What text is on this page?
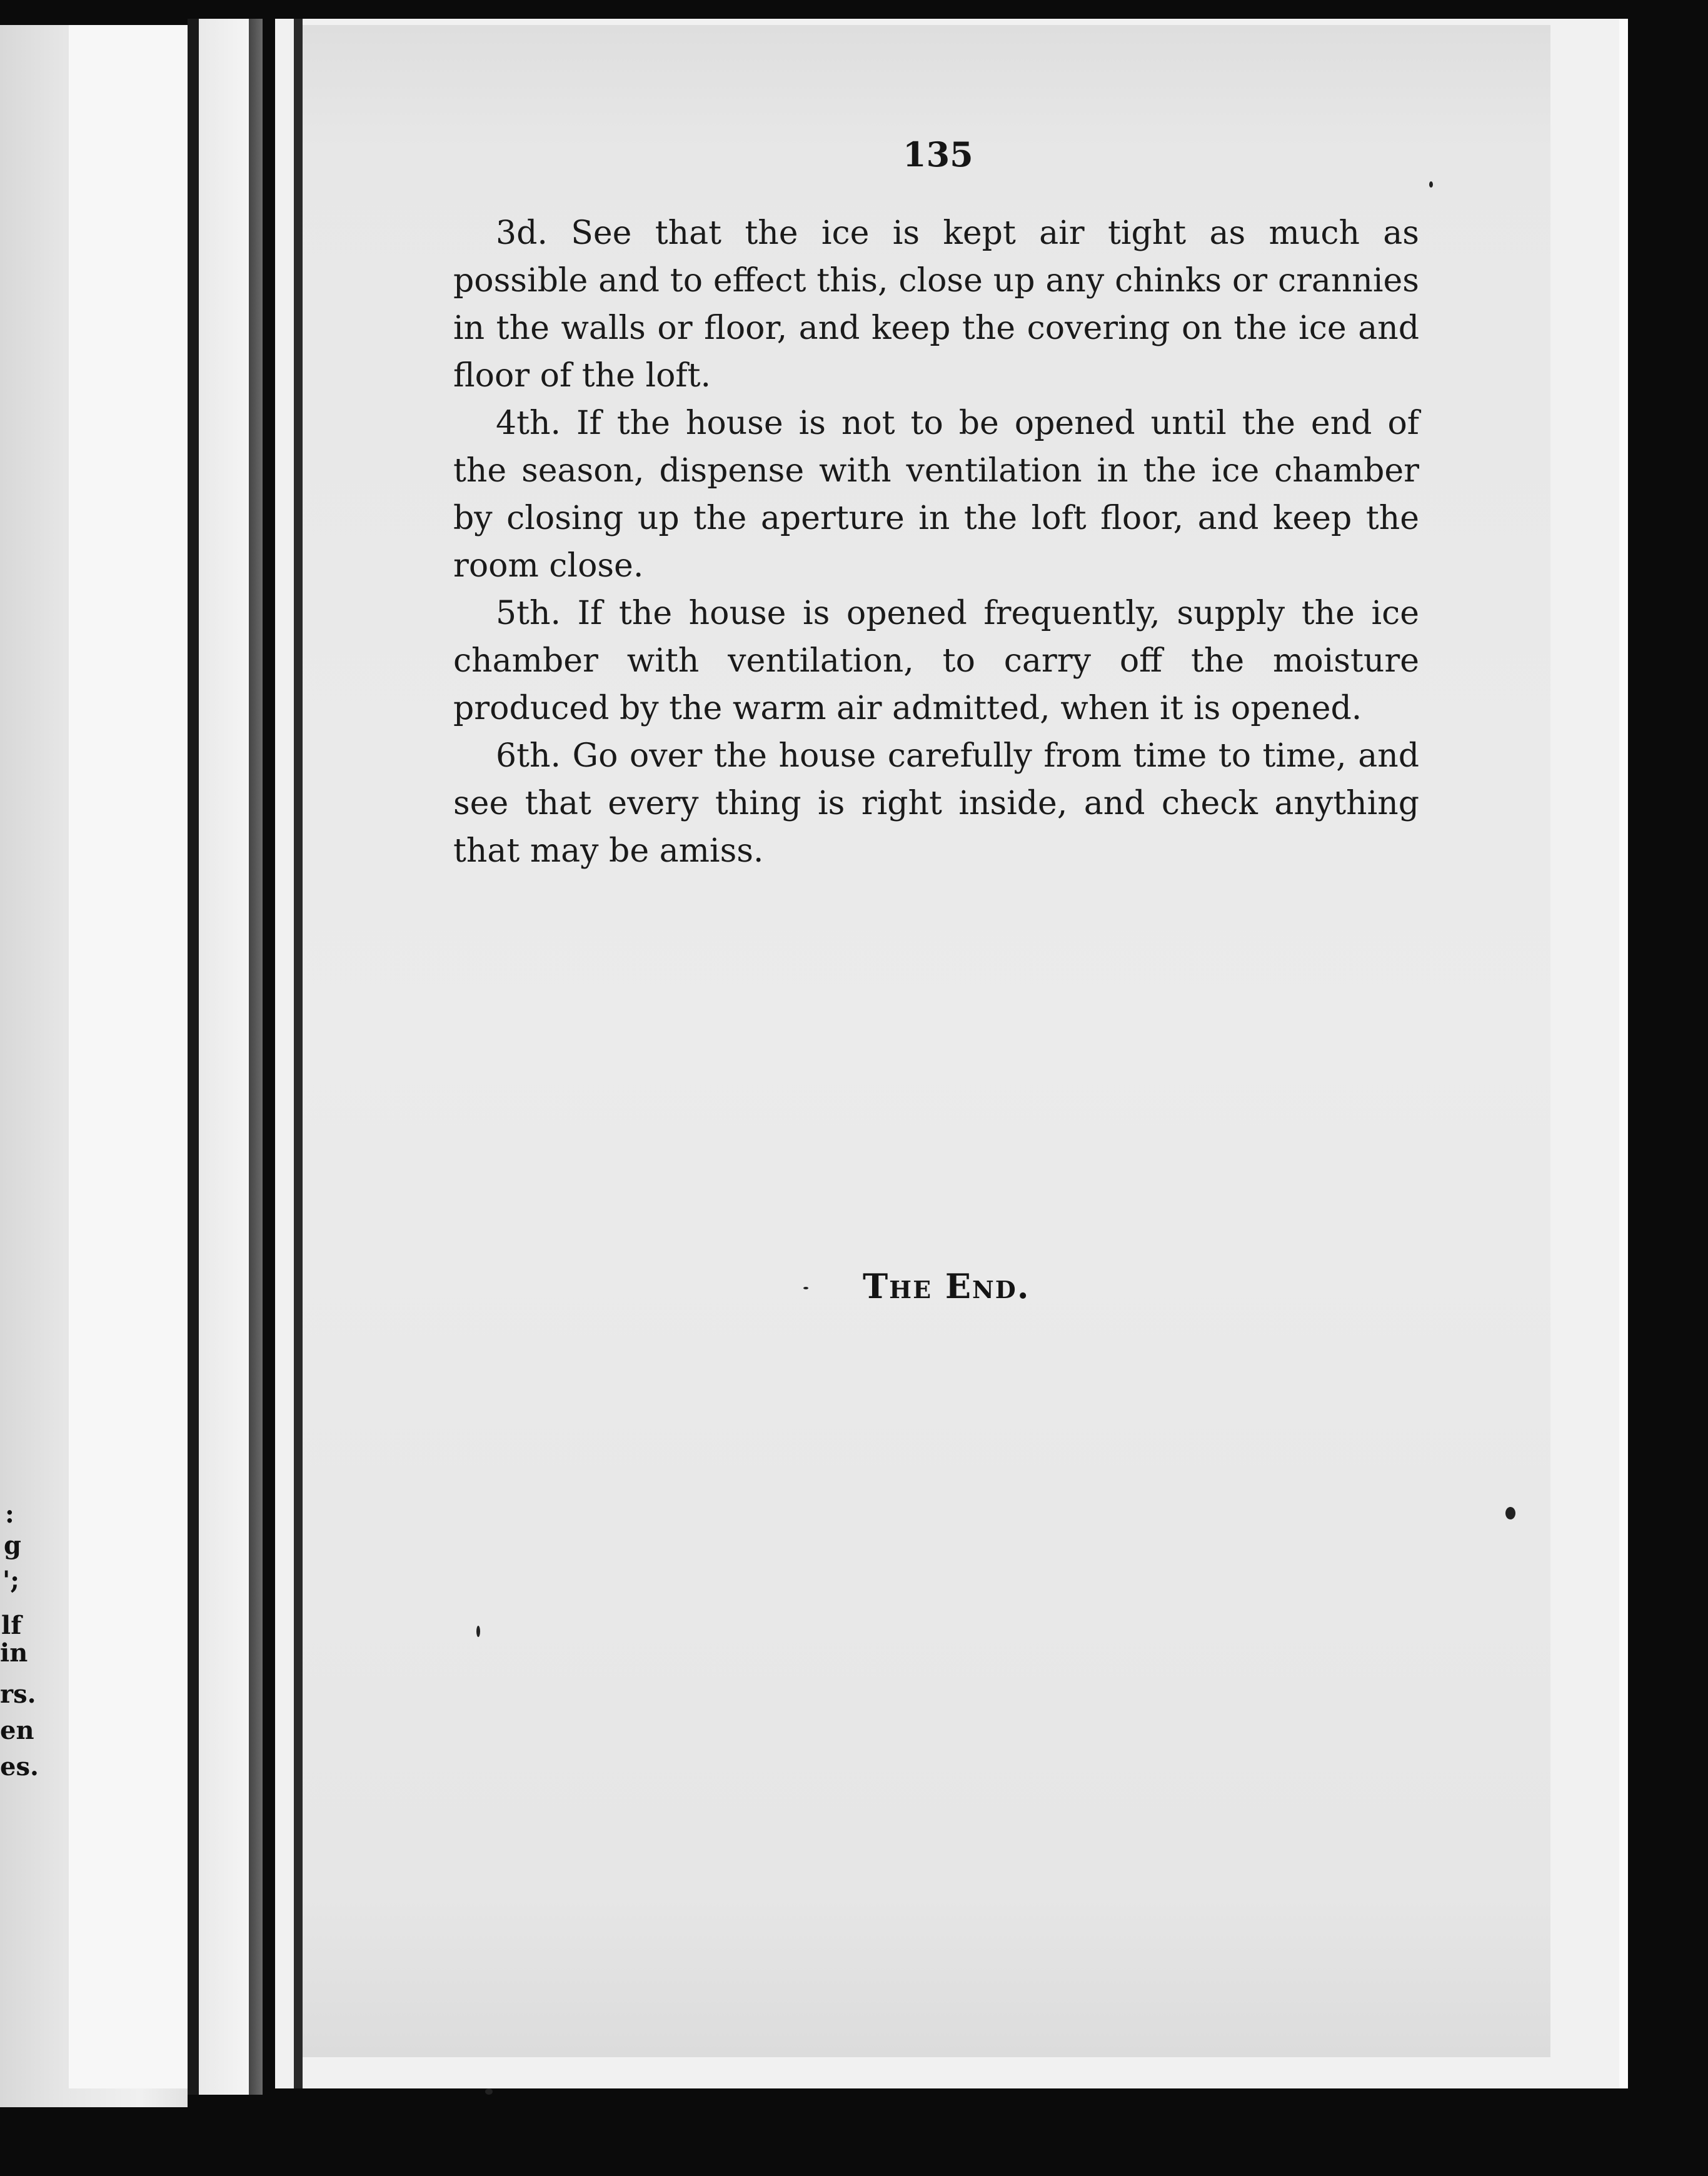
:
g
';
lf
in
rs.
en
es.
135

3d. See that the ice is kept air tight as much as possible and to effect this, close up any chinks or crannies in the walls or floor, and keep the covering on the ice and floor of the loft.

4th. If the house is not to be opened until the end of the season, dispense with ventilation in the ice chamber by closing up the aperture in the loft floor, and keep the room close.

5th. If the house is opened frequently, supply the ice chamber with ventilation, to carry off the moisture produced by the warm air admitted, when it is opened.

6th. Go over the house carefully from time to time, and see that every thing is right inside, and check anything that may be amiss.

The End.
